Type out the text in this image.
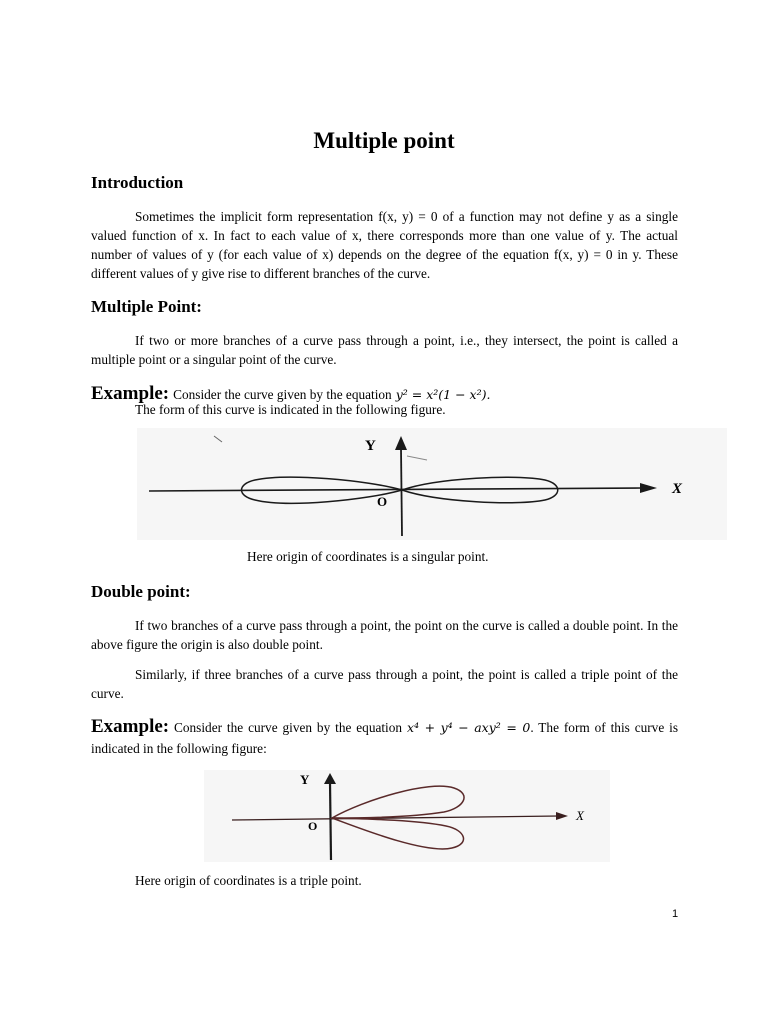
Multiple point
Introduction
Sometimes the implicit form representation f(x, y) = 0 of a function may not define y as a single valued function of x. In fact to each value of x, there corresponds more than one value of y. The actual number of values of y (for each value of x) depends on the degree of the equation f(x, y) = 0 in y. These different values of y give rise to different branches of the curve.
Multiple Point:
If two or more branches of a curve pass through a point, i.e., they intersect, the point is called a multiple point or a singular point of the curve.
Example: Consider the curve given by the equation y² = x²(1 − x²).
The form of this curve is indicated in the following figure.
Y
X
O
Here origin of coordinates is a singular point.
Double point:
If two branches of a curve pass through a point, the point on the curve is called a double point. In the above figure the origin is also double point.
Similarly, if three branches of a curve pass through a point, the point is called a triple point of the curve.
Example: Consider the curve given by the equation x⁴ + y⁴ − axy² = 0. The form of this curve is indicated in the following figure:
Y
X
O
Here origin of coordinates is a triple point.
1
